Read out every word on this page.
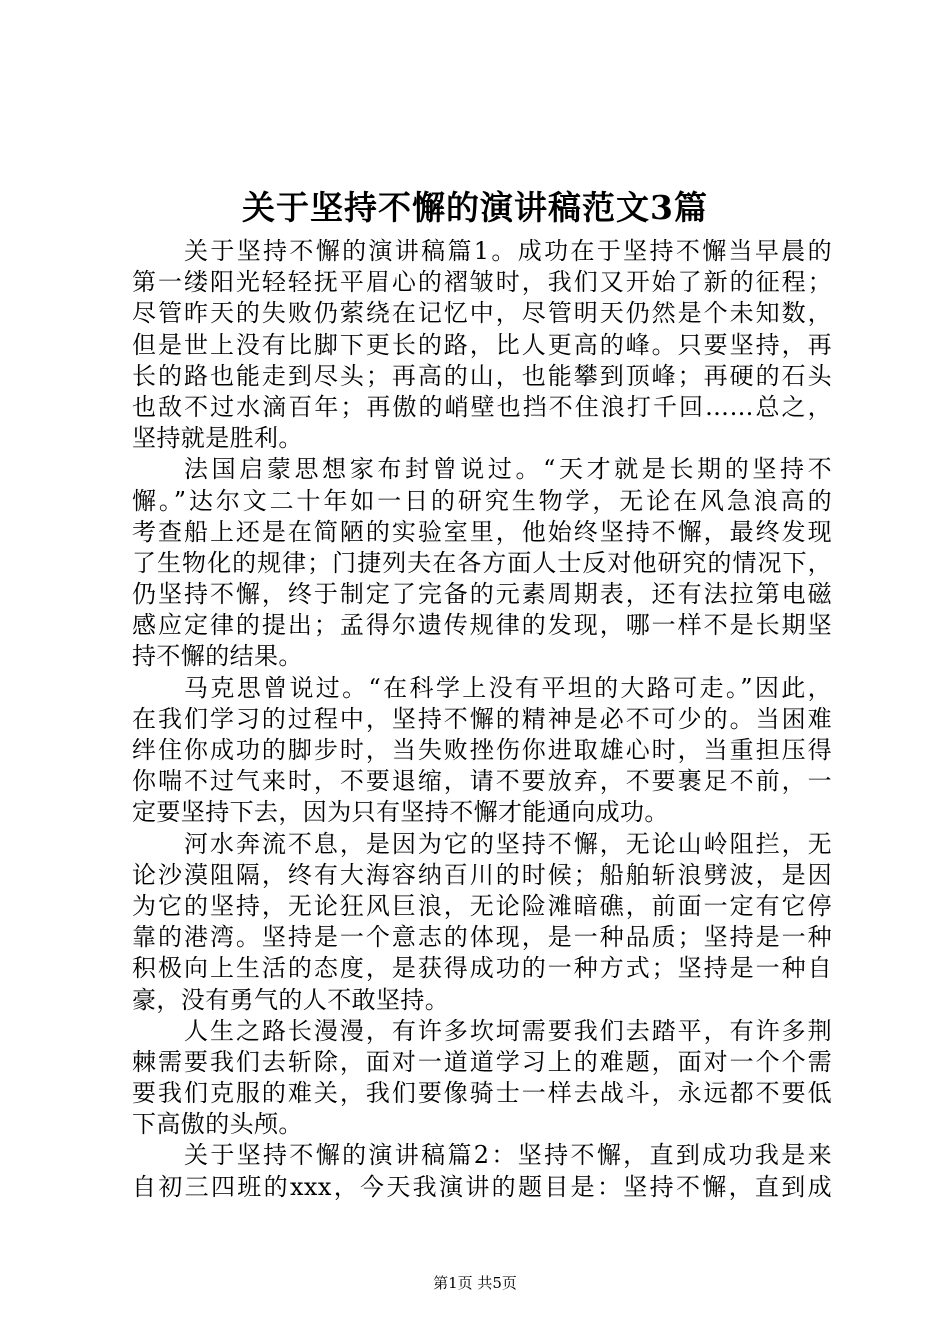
关于坚持不懈的演讲稿范文3篇
关于坚持不懈的演讲稿篇1。成功在于坚持不懈当早晨的
第一缕阳光轻轻抚平眉心的褶皱时，我们又开始了新的征程；
尽管昨天的失败仍萦绕在记忆中，尽管明天仍然是个未知数，
但是世上没有比脚下更长的路，比人更高的峰。只要坚持，再
长的路也能走到尽头；再高的山，也能攀到顶峰；再硬的石头
也敌不过水滴百年；再傲的峭壁也挡不住浪打千回……总之，
坚持就是胜利。
法国启蒙思想家布封曾说过。“天才就是长期的坚持不
懈。”达尔文二十年如一日的研究生物学，无论在风急浪高的
考查船上还是在简陋的实验室里，他始终坚持不懈，最终发现
了生物化的规律；门捷列夫在各方面人士反对他研究的情况下，
仍坚持不懈，终于制定了完备的元素周期表，还有法拉第电磁
感应定律的提出；孟得尔遗传规律的发现，哪一样不是长期坚
持不懈的结果。
马克思曾说过。“在科学上没有平坦的大路可走。”因此，
在我们学习的过程中，坚持不懈的精神是必不可少的。当困难
绊住你成功的脚步时，当失败挫伤你进取雄心时，当重担压得
你喘不过气来时，不要退缩，请不要放弃，不要裹足不前，一
定要坚持下去，因为只有坚持不懈才能通向成功。
河水奔流不息，是因为它的坚持不懈，无论山岭阻拦，无
论沙漠阻隔，终有大海容纳百川的时候；船舶斩浪劈波，是因
为它的坚持，无论狂风巨浪，无论险滩暗礁，前面一定有它停
靠的港湾。坚持是一个意志的体现，是一种品质；坚持是一种
积极向上生活的态度，是获得成功的一种方式；坚持是一种自
豪，没有勇气的人不敢坚持。
人生之路长漫漫，有许多坎坷需要我们去踏平，有许多荆
棘需要我们去斩除，面对一道道学习上的难题，面对一个个需
要我们克服的难关，我们要像骑士一样去战斗，永远都不要低
下高傲的头颅。
关于坚持不懈的演讲稿篇2：坚持不懈，直到成功我是来
自初三四班的xxx，今天我演讲的题目是：坚持不懈，直到成
第1页 共5页
